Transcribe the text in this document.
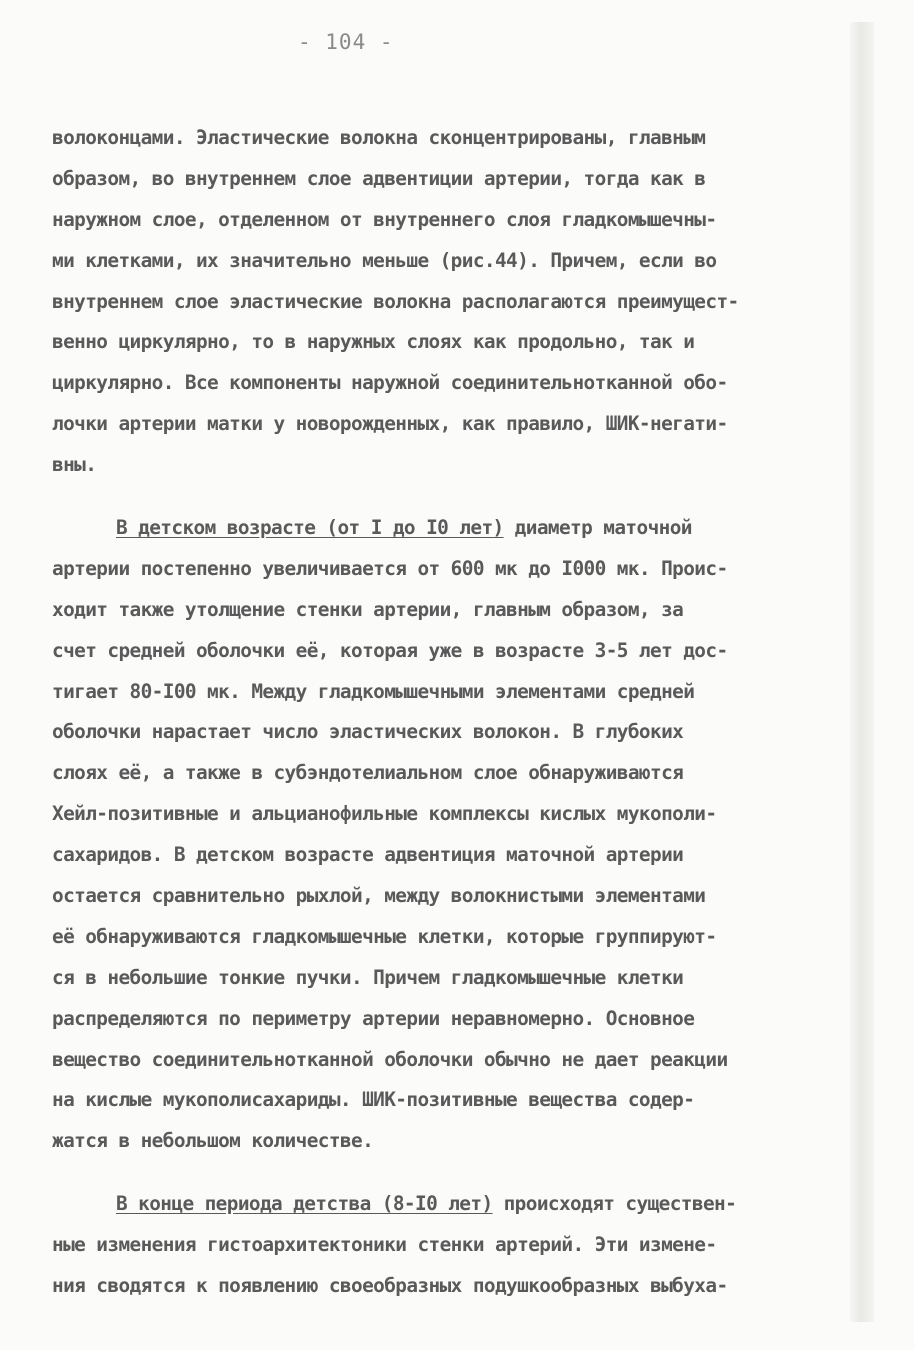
- 104 -
волоконцами. Эластические волокна сконцентрированы, главным
образом, во внутреннем слое адвентиции артерии, тогда как в
наружном слое, отделенном от внутреннего слоя гладкомышечны-
ми клетками, их значительно меньше (рис.44). Причем, если во
внутреннем слое эластические волокна располагаются преимущест-
венно циркулярно, то в наружных слоях как продольно, так и
циркулярно. Все компоненты наружной соединительнотканной обо-
лочки артерии матки у новорожденных, как правило, ШИК-негати-
вны.
В детском возрасте (от I до I0 лет) диаметр маточной
артерии постепенно увеличивается от 600 мк до I000 мк. Проис-
ходит также утолщение стенки артерии, главным образом, за
счет средней оболочки её, которая уже в возрасте 3-5 лет дос-
тигает 80-I00 мк. Между гладкомышечными элементами средней
оболочки нарастает число эластических волокон. В глубоких
слоях её, а также в субэндотелиальном слое обнаруживаются
Хейл-позитивные и альцианофильные комплексы кислых мукополи-
сахаридов. В детском возрасте адвентиция маточной артерии
остается сравнительно рыхлой, между волокнистыми элементами
её обнаруживаются гладкомышечные клетки, которые группируют-
ся в небольшие тонкие пучки. Причем гладкомышечные клетки
распределяются по периметру артерии неравномерно. Основное
вещество соединительнотканной оболочки обычно не дает реакции
на кислые мукополисахариды. ШИК-позитивные вещества содер-
жатся в небольшом количестве.
В конце периода детства (8-I0 лет) происходят существен-
ные изменения гистоархитектоники стенки артерий. Эти измене-
ния сводятся к появлению своеобразных подушкообразных выбуха-
